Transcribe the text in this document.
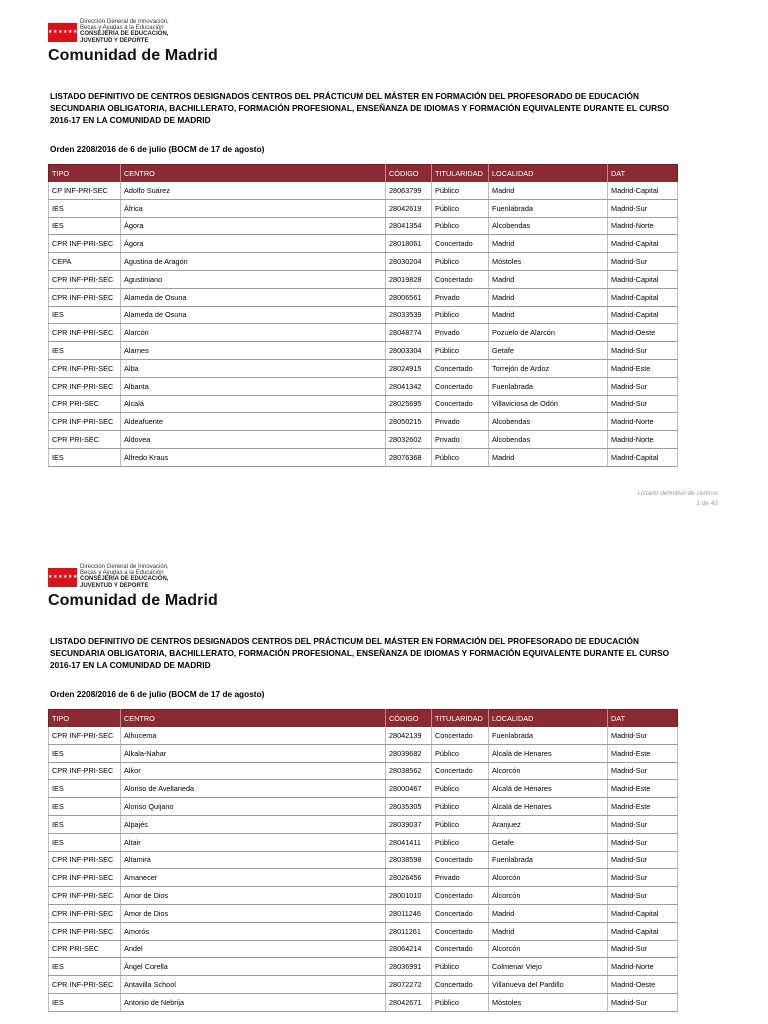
★★★★★★★
Dirección General de Innovación,
Becas y Ayudas a la Educación
CONSEJERÍA DE EDUCACIÓN,
JUVENTUD Y DEPORTE
Comunidad de Madrid
LISTADO DEFINITIVO DE CENTROS DESIGNADOS CENTROS DEL PRÁCTICUM DEL MÁSTER EN FORMACIÓN DEL PROFESORADO DE EDUCACIÓN SECUNDARIA OBLIGATORIA, BACHILLERATO, FORMACIÓN PROFESIONAL, ENSEÑANZA DE IDIOMAS Y FORMACIÓN EQUIVALENTE DURANTE EL CURSO 2016-17 EN LA COMUNIDAD DE MADRID
Orden 2208/2016 de 6 de julio (BOCM de 17 de agosto)
TIPO	CENTRO	CÓDIGO	TITULARIDAD	LOCALIDAD	DAT
CP INF-PRI-SEC	Adolfo Suárez	28063799	Público	Madrid	Madrid-Capital
IES	África	28042619	Público	Fuenlabrada	Madrid-Sur
IES	Ágora	28041354	Público	Alcobendas	Madrid-Norte
CPR INF-PRI-SEC	Ágora	28018061	Concertado	Madrid	Madrid-Capital
CEPA	Agustina de Aragón	28030204	Público	Móstoles	Madrid-Sur
CPR INF-PRI-SEC	Agustiniano	28019828	Concertado	Madrid	Madrid-Capital
CPR INF-PRI-SEC	Alameda de Osuna	28006561	Privado	Madrid	Madrid-Capital
IES	Alameda de Osuna	28033539	Público	Madrid	Madrid-Capital
CPR INF-PRI-SEC	Alarcón	28048774	Privado	Pozuelo de Alarcón	Madrid-Oeste
IES	Alarnes	28003304	Público	Getafe	Madrid-Sur
CPR INF-PRI-SEC	Alba	28024915	Concertado	Torrejón de Ardoz	Madrid-Este
CPR INF-PRI-SEC	Albanta	28041342	Concertado	Fuenlabrada	Madrid-Sur
CPR PRI-SEC	Alcalá	28025695	Concertado	Villaviciosa de Odón	Madrid-Sur
CPR INF-PRI-SEC	Aldeafuente	28050215	Privado	Alcobendas	Madrid-Norte
CPR PRI-SEC	Aldovea	28032602	Privado	Alcobendas	Madrid-Norte
IES	Alfredo Kraus	28076368	Público	Madrid	Madrid-Capital
Listado definitivo de centros
1 de 42
★★★★★★★
Dirección General de Innovación,
Becas y Ayudas a la Educación
CONSEJERÍA DE EDUCACIÓN,
JUVENTUD Y DEPORTE
Comunidad de Madrid
LISTADO DEFINITIVO DE CENTROS DESIGNADOS CENTROS DEL PRÁCTICUM DEL MÁSTER EN FORMACIÓN DEL PROFESORADO DE EDUCACIÓN SECUNDARIA OBLIGATORIA, BACHILLERATO, FORMACIÓN PROFESIONAL, ENSEÑANZA DE IDIOMAS Y FORMACIÓN EQUIVALENTE DURANTE EL CURSO 2016-17 EN LA COMUNIDAD DE MADRID
Orden 2208/2016 de 6 de julio (BOCM de 17 de agosto)
TIPO	CENTRO	CÓDIGO	TITULARIDAD	LOCALIDAD	DAT
CPR INF-PRI-SEC	Alhucema	28042139	Concertado	Fuenlabrada	Madrid-Sur
IES	Alkala-Nahar	28039682	Público	Alcalá de Henares	Madrid-Este
CPR INF-PRI-SEC	Alkor	28038562	Concertado	Alcorcón	Madrid-Sur
IES	Alonso de Avellaneda	28000467	Público	Alcalá de Henares	Madrid-Este
IES	Alonso Quijano	28035305	Público	Alcalá de Henares	Madrid-Este
IES	Alpajés	28039037	Público	Aranjuez	Madrid-Sur
IES	Altair	28041411	Público	Getafe	Madrid-Sur
CPR INF-PRI-SEC	Altamira	28038598	Concertado	Fuenlabrada	Madrid-Sur
CPR INF-PRI-SEC	Amanecer	28026456	Privado	Alcorcón	Madrid-Sur
CPR INF-PRI-SEC	Amor de Dios	28001010	Concertado	Alcorcón	Madrid-Sur
CPR INF-PRI-SEC	Amor de Dios	28011246	Concertado	Madrid	Madrid-Capital
CPR INF-PRI-SEC	Amorós	28011261	Concertado	Madrid	Madrid-Capital
CPR PRI-SEC	Andel	28064214	Concertado	Alcorcón	Madrid-Sur
IES	Ángel Corella	28036991	Público	Colmenar Viejo	Madrid-Norte
CPR INF-PRI-SEC	Antavilla School	28072272	Concertado	Villanueva del Pardillo	Madrid-Oeste
IES	Antonio de Nebrija	28042671	Público	Móstoles	Madrid-Sur
